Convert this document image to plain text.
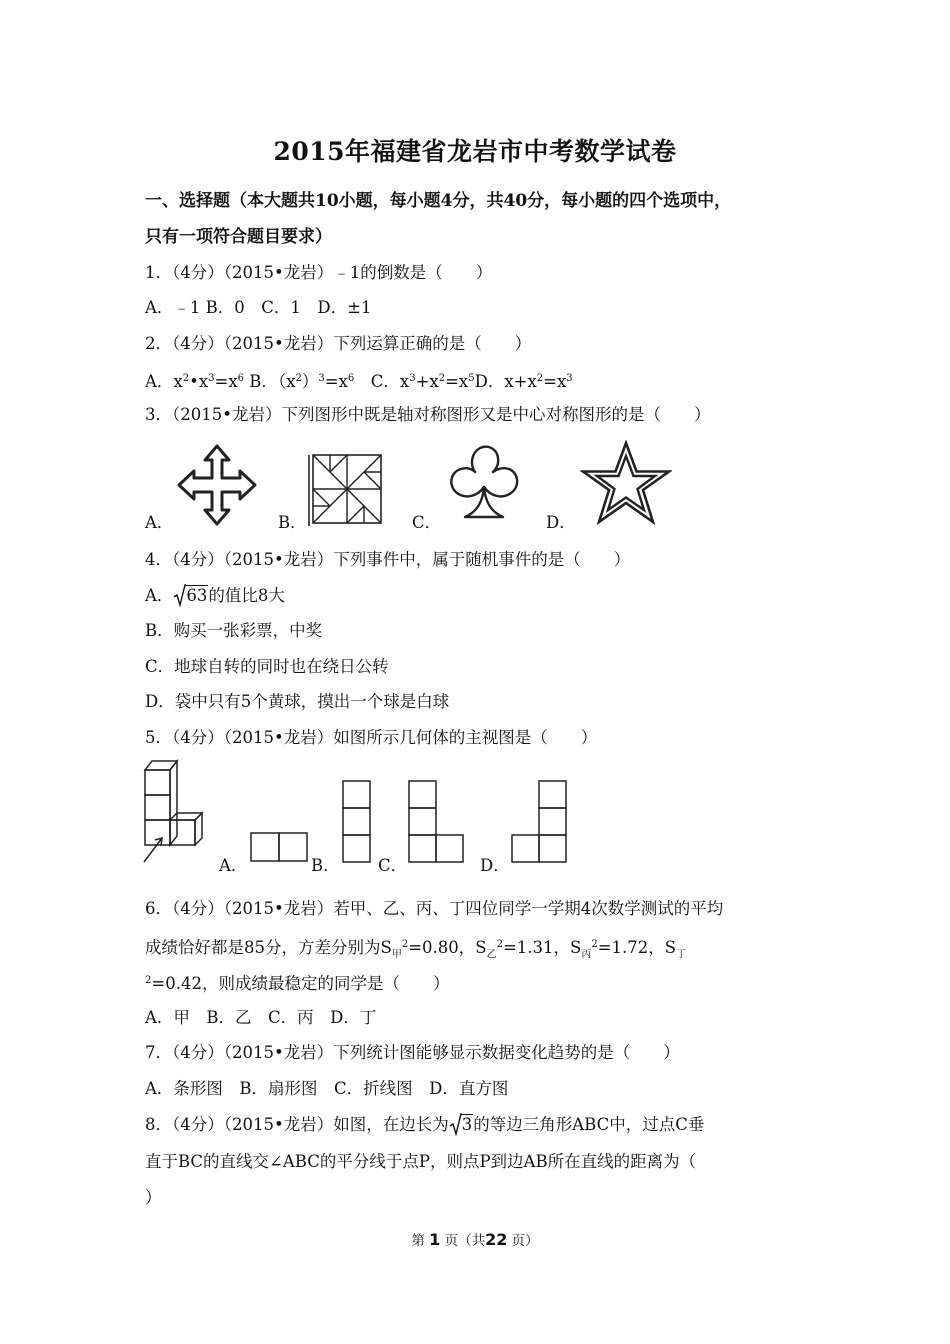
2015年福建省龙岩市中考数学试卷
一、选择题（本大题共10小题，每小题4分，共40分，每小题的四个选项中，
只有一项符合题目要求）
1．（4分）（2015•龙岩）﹣1的倒数是（　　）
A．﹣1 B．0　C．1　D．±1
2．（4分）（2015•龙岩）下列运算正确的是（　　）
A．$x^2•x^3=x^6$ B．$(x^2)^3=x^6$　 C．$x^3+x^2=x^5D$．$x+x^2=x^3$
3．（2015•龙岩）下列图形中既是轴对称图形又是中心对称图形的是（　　）
A．	B．	C．	D．
4．（4分）（2015•龙岩）下列事件中，属于随机事件的是（　　）
A． 63的值比8大
B．购买一张彩票，中奖
C．地球自转的同时也在绕日公转
D．袋中只有5个黄球，摸出一个球是白球
5．（4分）（2015•龙岩）如图所示几何体的主视图是（　　）
A．	B． C．	D．
6．（4分）（2015•龙岩）若甲、乙、丙、丁四位同学一学期4次数学测试的平均
成绩恰好都是85分，方差分别为$S_甲^2=0.80$，$S_乙^2=1.31$，$S_丙^2=1.72$，$S_丁$
$^2$=0.42，则成绩最稳定的同学是（　　）
A．甲　B．乙　C．丙　D．丁
7．（4分）（2015•龙岩）下列统计图能够显示数据变化趋势的是（　　）
A．条形图　B．扇形图　C．折线图　D．直方图
8．（4分）（2015•龙岩）如图，在边长为 3的等边三角形ABC中，过点C垂
直于BC的直线交∠ABC的平分线于点P，则点P到边AB所在直线的距离为（
）
第 1 页（共22 页）
